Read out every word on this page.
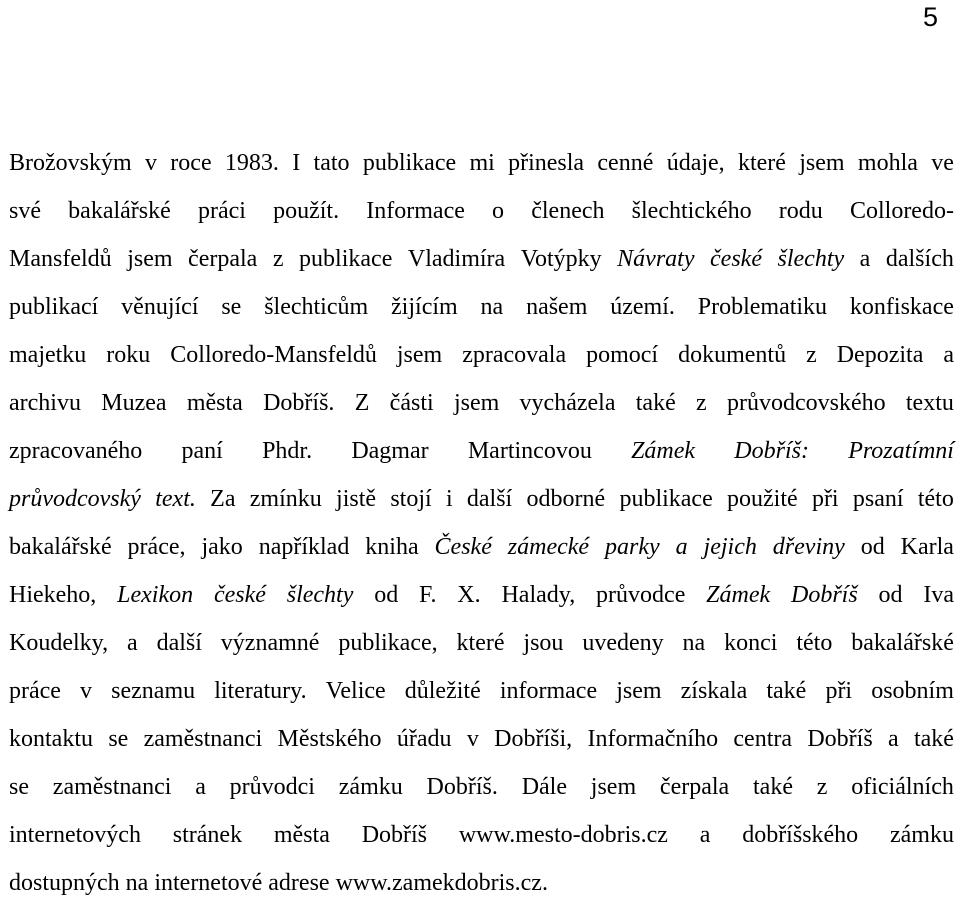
5
Brožovským v roce 1983. I tato publikace mi přinesla cenné údaje, které jsem mohla ve
své bakalářské práci použít. Informace o členech šlechtického rodu Colloredo-
Mansfeldů jsem čerpala z publikace Vladimíra Votýpky Návraty české šlechty a dalších
publikací věnující se šlechticům žijícím na našem území. Problematiku konfiskace
majetku roku Colloredo-Mansfeldů jsem zpracovala pomocí dokumentů z Depozita a
archivu Muzea města Dobříš. Z části jsem vycházela také z průvodcovského textu
zpracovaného paní Phdr. Dagmar Martincovou Zámek Dobříš: Prozatímní
průvodcovský text. Za zmínku jistě stojí i další odborné publikace použité při psaní této
bakalářské práce, jako například kniha České zámecké parky a jejich dřeviny od Karla
Hiekeho, Lexikon české šlechty od F. X. Halady, průvodce Zámek Dobříš od Iva
Koudelky, a další významné publikace, které jsou uvedeny na konci této bakalářské
práce v seznamu literatury. Velice důležité informace jsem získala také při osobním
kontaktu se zaměstnanci Městského úřadu v Dobříši, Informačního centra Dobříš a také
se zaměstnanci a průvodci zámku Dobříš. Dále jsem čerpala také z oficiálních
internetových stránek města Dobříš www.mesto-dobris.cz a dobříšského zámku
dostupných
na
internetové
adrese
www.zamekdobris.cz.
